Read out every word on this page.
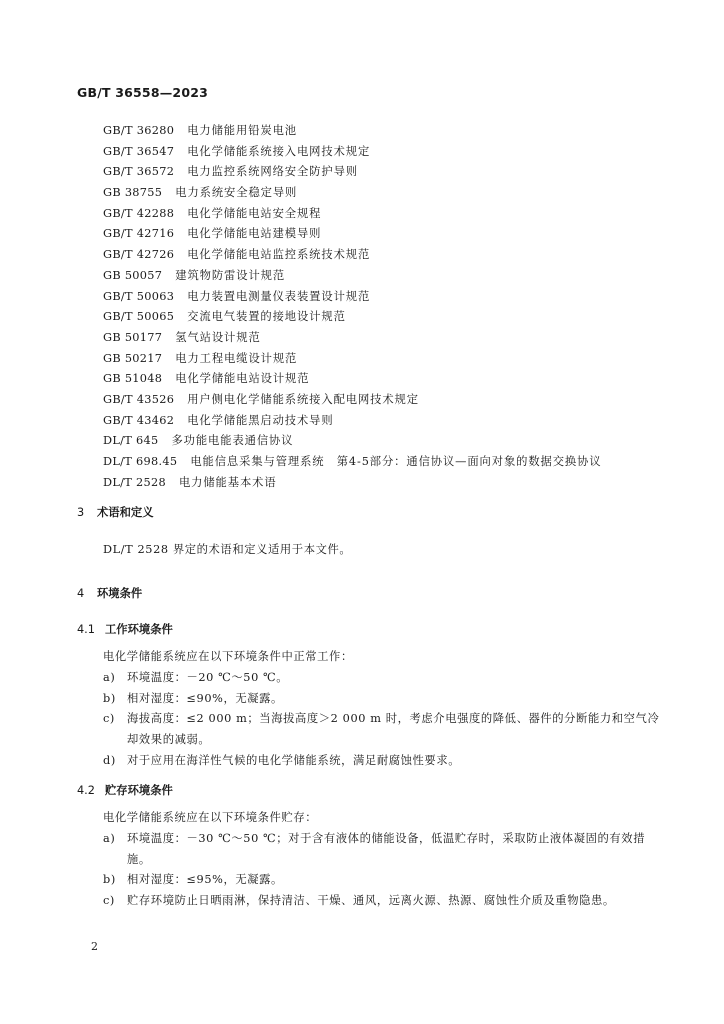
GB/T 36558—2023
GB/T 36280 电力储能用铅炭电池
GB/T 36547 电化学储能系统接入电网技术规定
GB/T 36572 电力监控系统网络安全防护导则
GB 38755 电力系统安全稳定导则
GB/T 42288 电化学储能电站安全规程
GB/T 42716 电化学储能电站建模导则
GB/T 42726 电化学储能电站监控系统技术规范
GB 50057 建筑物防雷设计规范
GB/T 50063 电力装置电测量仪表装置设计规范
GB/T 50065 交流电气装置的接地设计规范
GB 50177 氢气站设计规范
GB 50217 电力工程电缆设计规范
GB 51048 电化学储能电站设计规范
GB/T 43526 用户侧电化学储能系统接入配电网技术规定
GB/T 43462 电化学储能黑启动技术导则
DL/T 645 多功能电能表通信协议
DL/T 698.45 电能信息采集与管理系统　第4-5部分：通信协议—面向对象的数据交换协议
DL/T 2528 电力储能基本术语
3 术语和定义
DL/T 2528 界定的术语和定义适用于本文件。
4 环境条件
4.1 工作环境条件
电化学储能系统应在以下环境条件中正常工作：
a)	环境温度：－20 ℃～50 ℃。
b) 相对湿度：≤90%，无凝露。
c)	海拔高度：≤2 000 m；当海拔高度＞2 000 m 时，考虑介电强度的降低、器件的分断能力和空气冷却效果的减弱。
d) 对于应用在海洋性气候的电化学储能系统，满足耐腐蚀性要求。
4.2 贮存环境条件
电化学储能系统应在以下环境条件贮存：
a)	环境温度：－30 ℃～50 ℃；对于含有液体的储能设备，低温贮存时，采取防止液体凝固的有效措施。
b) 相对湿度：≤95%，无凝露。
c)	贮存环境防止日晒雨淋，保持清洁、干燥、通风，远离火源、热源、腐蚀性介质及重物隐患。
2
